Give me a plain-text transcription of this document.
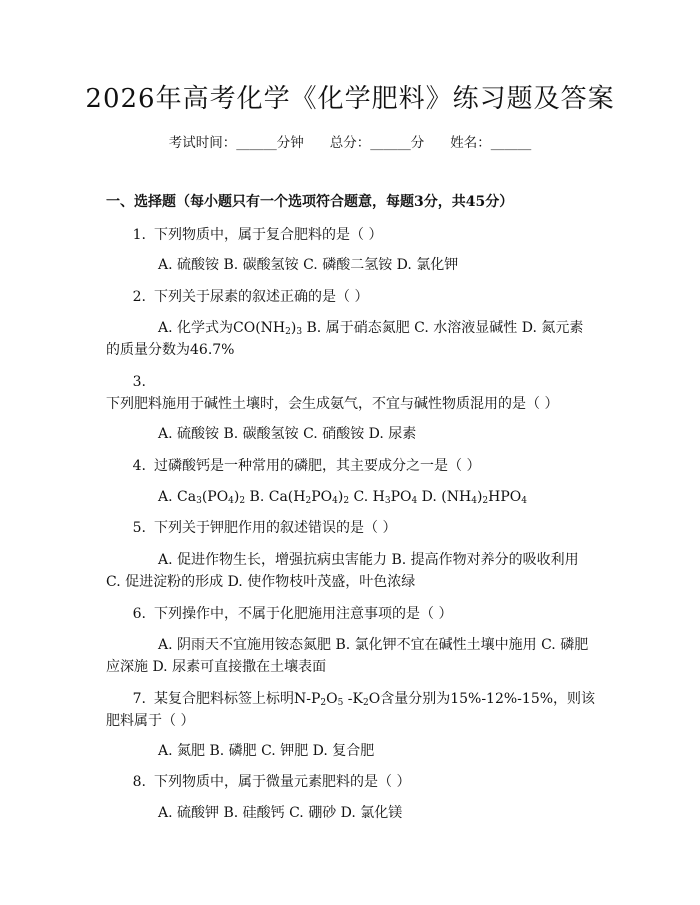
2026年高考化学《化学肥料》练习题及答案
考试时间：______分钟 总分：______分 姓名：______
一、选择题（每小题只有一个选项符合题意，每题3分，共45分）
1. 下列物质中，属于复合肥料的是（ ）
A. 硫酸铵 B. 碳酸氢铵 C. 磷酸二氢铵 D. 氯化钾
2. 下列关于尿素的叙述正确的是（ ）
A. 化学式为$CO(NH_2)_3$ B. 属于硝态氮肥 C. 水溶液显碱性 D. 氮元素的质量分数为46.7%
3.下列肥料施用于碱性土壤时，会生成氨气，不宜与碱性物质混用的是（ ）
A. 硫酸铵 B. 碳酸氢铵 C. 硝酸铵 D. 尿素
4. 过磷酸钙是一种常用的磷肥，其主要成分之一是（ ）
A. $Ca_3(PO_4)_2$ B. $Ca(H_2PO_4)_2$ C. $H_3PO_4$ D. $(NH_4)_2HPO_4$
5. 下列关于钾肥作用的叙述错误的是（ ）
A. 促进作物生长，增强抗病虫害能力 B. 提高作物对养分的吸收利用 C. 促进淀粉的形成 D. 使作物枝叶茂盛，叶色浓绿
6. 下列操作中，不属于化肥施用注意事项的是（ ）
A. 阴雨天不宜施用铵态氮肥 B. 氯化钾不宜在碱性土壤中施用 C. 磷肥应深施 D. 尿素可直接撒在土壤表面
7. 某复合肥料标签上标明$N-P_2O_5$ $-K_2O$含量分别为15%-12%-15%，则该肥料属于（ ）
A. 氮肥 B. 磷肥 C. 钾肥 D. 复合肥
8. 下列物质中，属于微量元素肥料的是（ ）
A. 硫酸钾 B. 硅酸钙 C. 硼砂 D. 氯化镁
